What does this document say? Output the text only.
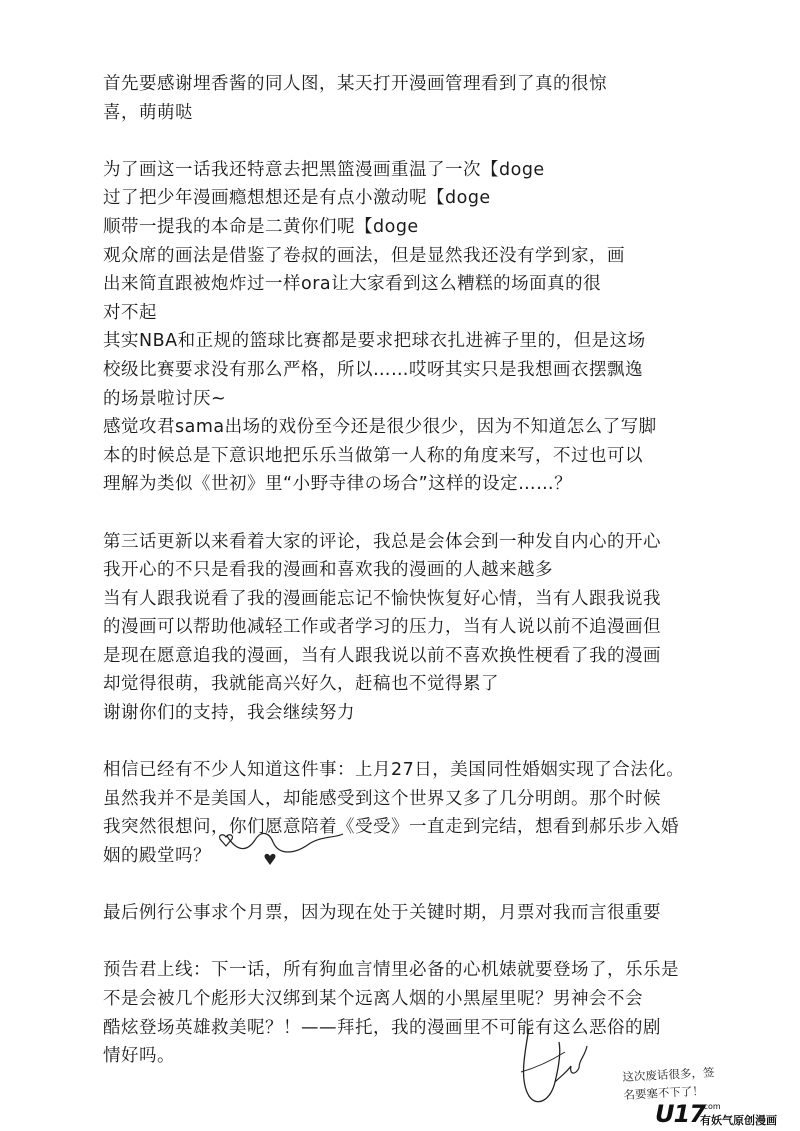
首先要感谢埋香酱的同人图，某天打开漫画管理看到了真的很惊
喜，萌萌哒
为了画这一话我还特意去把黑篮漫画重温了一次【doge
过了把少年漫画瘾想想还是有点小激动呢【doge
顺带一提我的本命是二黄你们呢【doge
观众席的画法是借鉴了卷叔的画法，但是显然我还没有学到家，画
出来简直跟被炮炸过一样ora让大家看到这么糟糕的场面真的很
对不起
其实NBA和正规的篮球比赛都是要求把球衣扎进裤子里的，但是这场
校级比赛要求没有那么严格，所以……哎呀其实只是我想画衣摆飘逸
的场景啦讨厌~
感觉攻君sama出场的戏份至今还是很少很少，因为不知道怎么了写脚
本的时候总是下意识地把乐乐当做第一人称的角度来写，不过也可以
理解为类似《世初》里“小野寺律の场合”这样的设定……？
第三话更新以来看着大家的评论，我总是会体会到一种发自内心的开心
我开心的不只是看我的漫画和喜欢我的漫画的人越来越多
当有人跟我说看了我的漫画能忘记不愉快恢复好心情，当有人跟我说我
的漫画可以帮助他减轻工作或者学习的压力，当有人说以前不追漫画但
是现在愿意追我的漫画，当有人跟我说以前不喜欢换性梗看了我的漫画
却觉得很萌，我就能高兴好久，赶稿也不觉得累了
谢谢你们的支持，我会继续努力
相信已经有不少人知道这件事：上月27日，美国同性婚姻实现了合法化。
虽然我并不是美国人，却能感受到这个世界又多了几分明朗。那个时候
我突然很想问，你们愿意陪着《受受》一直走到完结，想看到郝乐步入婚
姻的殿堂吗？
最后例行公事求个月票，因为现在处于关键时期，月票对我而言很重要
预告君上线：下一话，所有狗血言情里必备的心机婊就要登场了，乐乐是
不是会被几个彪形大汉绑到某个远离人烟的小黑屋里呢？男神会不会
酷炫登场英雄救美呢？！——拜托，我的漫画里不可能有这么恶俗的剧
情好吗。
这次废话很多，签
名要塞不下了！
U17
.com
有妖气原创漫画
